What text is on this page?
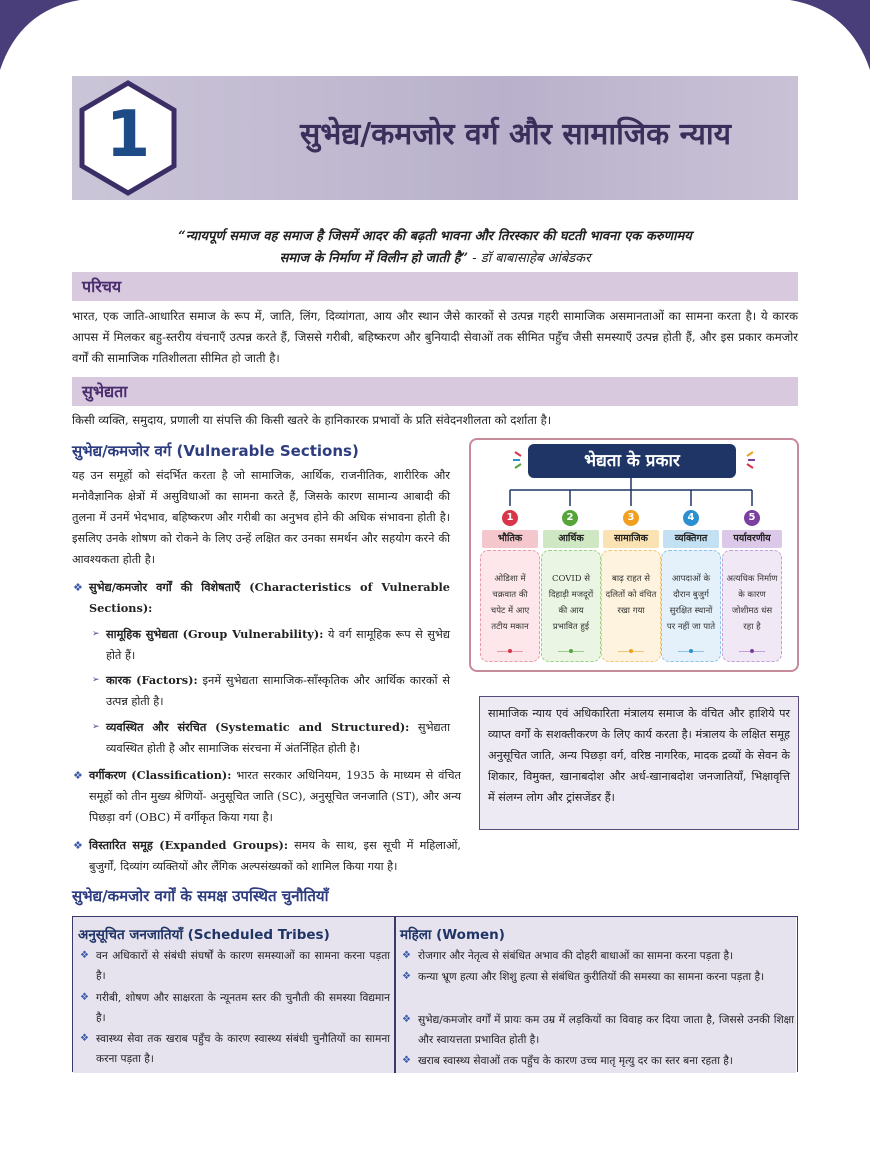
1	सुभेद्य/कमजोर वर्ग और सामाजिक न्याय
“न्यायपूर्ण समाज वह समाज है जिसमें आदर की बढ़ती भावना और तिरस्कार की घटती भावना एक करुणामय
समाज के निर्माण में विलीन हो जाती है” - डॉ बाबासाहेब आंबेडकर
परिचय
भारत, एक जाति-आधारित समाज के रूप में, जाति, लिंग, दिव्यांगता, आय और स्थान जैसे कारकों से उत्पन्न गहरी सामाजिक असमानताओं का सामना करता है। ये कारक आपस में मिलकर बहु-स्तरीय वंचनाएँ उत्पन्न करते हैं, जिससे गरीबी, बहिष्करण और बुनियादी सेवाओं तक सीमित पहुँच जैसी समस्याएँ उत्पन्न होती हैं, और इस प्रकार कमजोर वर्गों की सामाजिक गतिशीलता सीमित हो जाती है।
सुभेद्यता
किसी व्यक्ति, समुदाय, प्रणाली या संपत्ति की किसी खतरे के हानिकारक प्रभावों के प्रति संवेदनशीलता को दर्शाता है।
सुभेद्य/कमजोर वर्ग (Vulnerable Sections)
यह उन समूहों को संदर्भित करता है जो सामाजिक, आर्थिक, राजनीतिक, शारीरिक और मनोवैज्ञानिक क्षेत्रों में असुविधाओं का सामना करते हैं, जिसके कारण सामान्य आबादी की तुलना में उनमें भेदभाव, बहिष्करण और गरीबी का अनुभव होने की अधिक संभावना होती है। इसलिए उनके शोषण को रोकने के लिए उन्हें लक्षित कर उनका समर्थन और सहयोग करने की आवश्यकता होती है।
❖ सुभेद्य/कमजोर वर्गों की विशेषताएँ (Characteristics of Vulnerable Sections):
➢ सामूहिक सुभेद्यता (Group Vulnerability): ये वर्ग सामूहिक रूप से सुभेद्य होते हैं।
➢ कारक (Factors): इनमें सुभेद्यता सामाजिक-साँस्कृतिक और आर्थिक कारकों से उत्पन्न होती है।
➢ व्यवस्थित और संरचित (Systematic and Structured): सुभेद्यता व्यवस्थित होती है और सामाजिक संरचना में अंतर्निहित होती है।
❖ वर्गीकरण (Classification): भारत सरकार अधिनियम, 1935 के माध्यम से वंचित समूहों को तीन मुख्य श्रेणियों- अनुसूचित जाति (SC), अनुसूचित जनजाति (ST), और अन्य पिछड़ा वर्ग (OBC) में वर्गीकृत किया गया है।
❖ विस्तारित समूह (Expanded Groups): समय के साथ, इस सूची में महिलाओं, बुजुर्गों, दिव्यांग व्यक्तियों और लैंगिक अल्पसंख्यकों को शामिल किया गया है।
भेद्यता के प्रकार
1
भौतिक
ओडिशा में चक्रवात की चपेट में आए तटीय मकान
2
आर्थिक
COVID से दिहाड़ी मजदूरों की आय प्रभावित हुई
3
सामाजिक
बाढ़ राहत से दलितों को वंचित रखा गया
4
व्यक्तिगत
आपदाओं के दौरान बुजुर्ग सुरक्षित स्थानों पर नहीं जा पाते
5
पर्यावरणीय
अत्यधिक निर्माण के कारण जोशीमठ धंस रहा है
सामाजिक न्याय एवं अधिकारिता मंत्रालय समाज के वंचित और हाशिये पर व्याप्त वर्गों के सशक्तीकरण के लिए कार्य करता है। मंत्रालय के लक्षित समूह अनुसूचित जाति, अन्य पिछड़ा वर्ग, वरिष्ठ नागरिक, मादक द्रव्यों के सेवन के शिकार, विमुक्त, खानाबदोश और अर्ध-खानाबदोश जनजातियाँ, भिक्षावृत्ति में संलग्न लोग और ट्रांसजेंडर हैं।
सुभेद्य/कमजोर वर्गों के समक्ष उपस्थित चुनौतियाँ
अनुसूचित जनजातियाँ (Scheduled Tribes)
❖ वन अधिकारों से संबंधी संघर्षों के कारण समस्याओं का सामना करना पड़ता है।
❖ गरीबी, शोषण और साक्षरता के न्यूनतम स्तर की चुनौती की समस्या विद्यमान है।
❖ स्वास्थ्य सेवा तक खराब पहुँच के कारण स्वास्थ्य संबंधी चुनौतियों का सामना करना पड़ता है।
महिला (Women)
❖ रोजगार और नेतृत्व से संबंधित अभाव की दोहरी बाधाओं का सामना करना पड़ता है।
❖ कन्या भ्रूण हत्या और शिशु हत्या से संबंधित कुरीतियों की समस्या का सामना करना पड़ता है।
❖ सुभेद्य/कमजोर वर्गों में प्रायः कम उम्र में लड़कियों का विवाह कर दिया जाता है, जिससे उनकी शिक्षा और स्वायत्तता प्रभावित होती है।
❖ खराब स्वास्थ्य सेवाओं तक पहुँच के कारण उच्च मातृ मृत्यु दर का स्तर बना रहता है।
